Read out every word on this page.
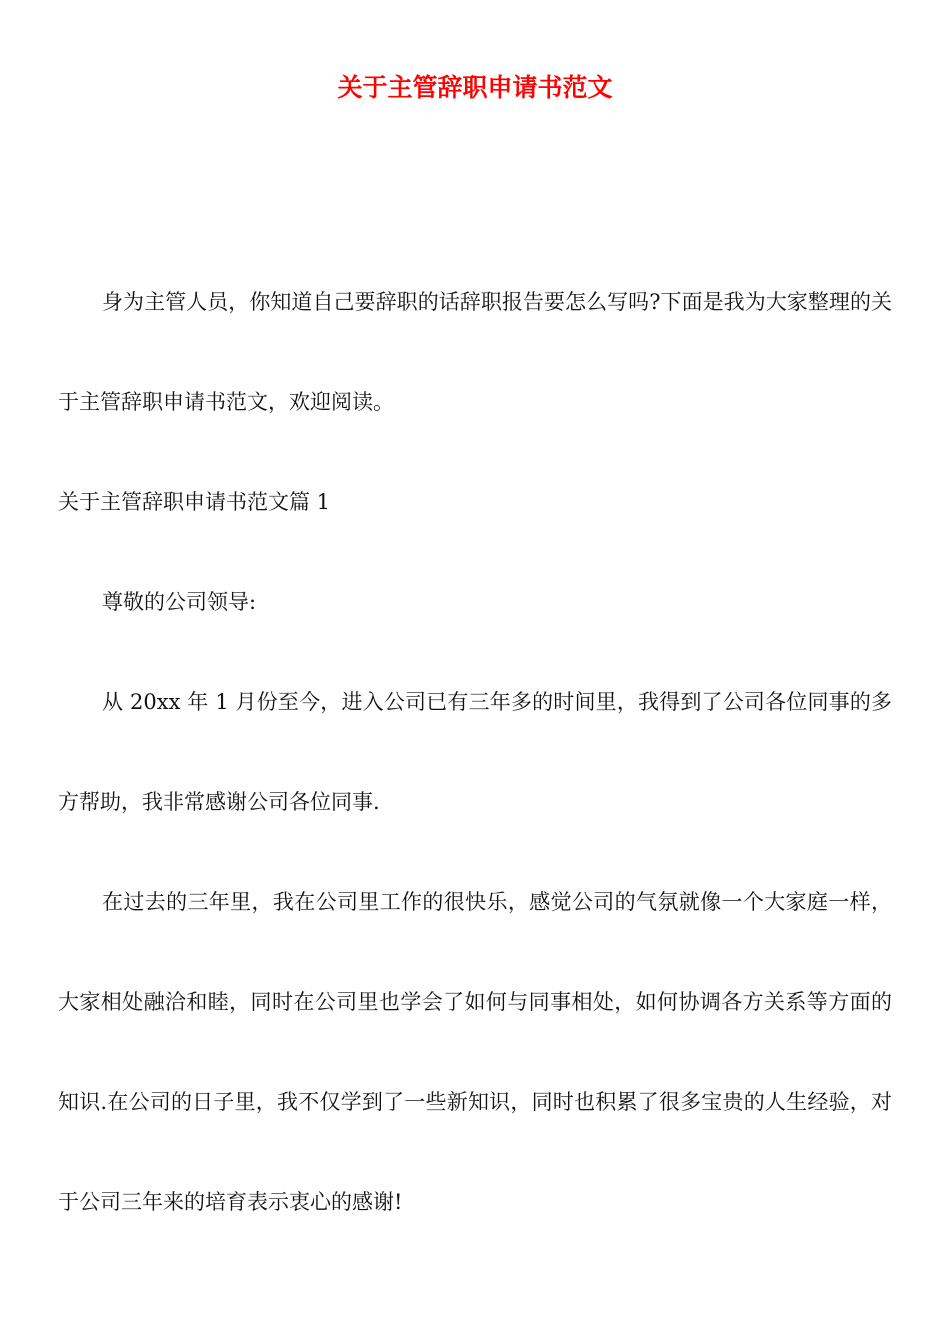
关于主管辞职申请书范文

身为主管人员，你知道自己要辞职的话辞职报告要怎么写吗?下面是我为大家整理的关于主管辞职申请书范文，欢迎阅读。

关于主管辞职申请书范文篇 1

尊敬的公司领导:

从 20xx 年 1 月份至今，进入公司已有三年多的时间里，我得到了公司各位同事的多方帮助，我非常感谢公司各位同事.

在过去的三年里，我在公司里工作的很快乐，感觉公司的气氛就像一个大家庭一样，大家相处融洽和睦，同时在公司里也学会了如何与同事相处，如何协调各方关系等方面的知识.在公司的日子里，我不仅学到了一些新知识，同时也积累了很多宝贵的人生经验，对于公司三年来的培育表示衷心的感谢!
